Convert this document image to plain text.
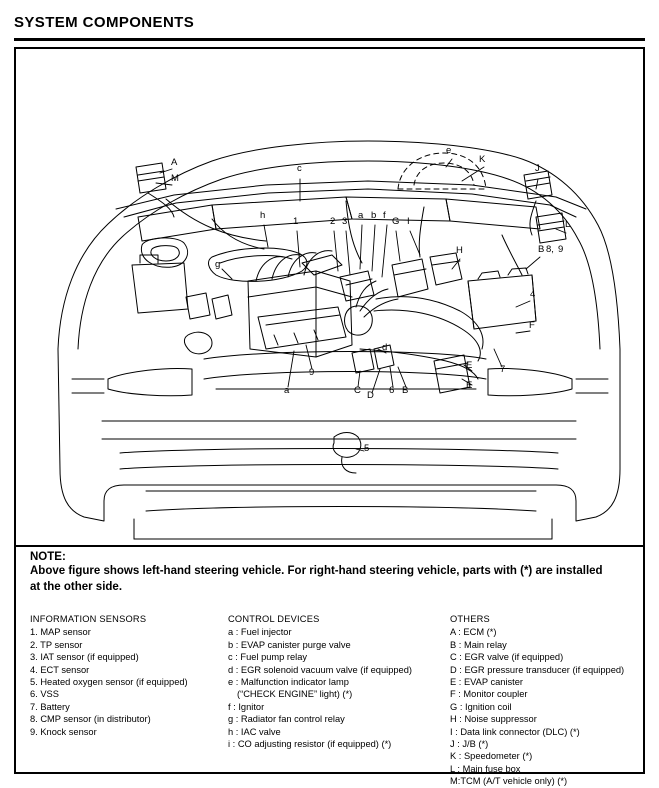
SYSTEM COMPONENTS
A
M
c
e
K
J
L
B 8, 9
h
1	2 3
a b f
G I
H
4
F
7
E
E
9
a	C D 6 B
5
g
d
NOTE:
Above figure shows left-hand steering vehicle. For right-hand steering vehicle, parts with (*) are installed
at the other side.
INFORMATION SENSORS
1. MAP sensor
2. TP sensor
3. IAT sensor (if equipped)
4. ECT sensor
5. Heated oxygen sensor (if equipped)
6. VSS
7. Battery
8. CMP sensor (in distributor)
9. Knock sensor
CONTROL DEVICES
a : Fuel injector
b : EVAP canister purge valve
c : Fuel pump relay
d : EGR solenoid vacuum valve (if equipped)
e : Malfunction indicator lamp
(“CHECK ENGINE” light) (*)
f : Ignitor
g : Radiator fan control relay
h : IAC valve
i : CO adjusting resistor (if equipped) (*)
OTHERS
A : ECM (*)
B : Main relay
C : EGR valve (if equipped)
D : EGR pressure transducer (if equipped)
E : EVAP canister
F : Monitor coupler
G : Ignition coil
H : Noise suppressor
I : Data link connector (DLC) (*)
J : J/B (*)
K : Speedometer (*)
L : Main fuse box
M:TCM (A/T vehicle only) (*)
